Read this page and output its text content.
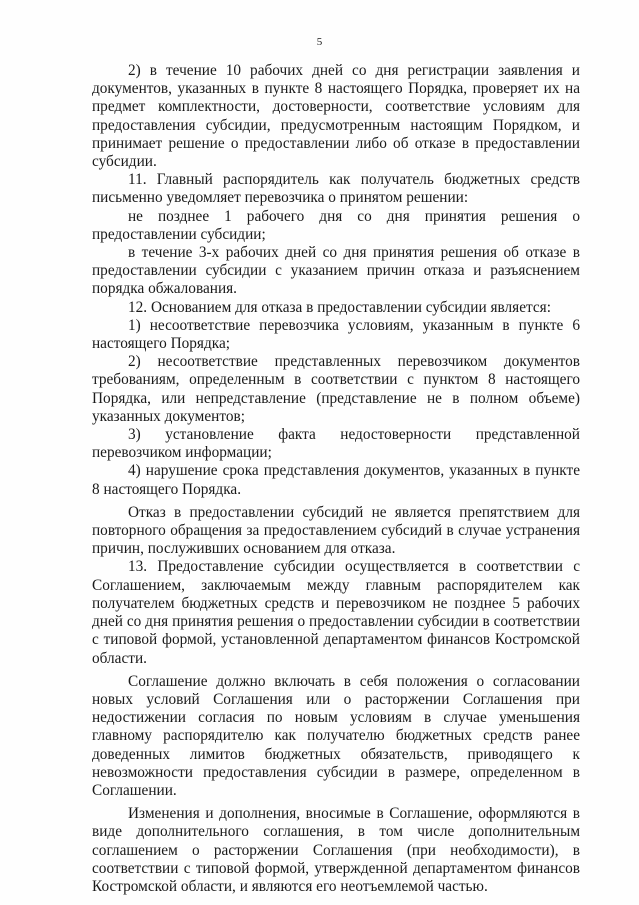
5

2) в течение 10 рабочих дней со дня регистрации заявления и документов, указанных в пункте 8 настоящего Порядка, проверяет их на предмет комплектности, достоверности, соответствие условиям для предоставления субсидии, предусмотренным настоящим Порядком, и принимает решение о предоставлении либо об отказе в предоставлении субсидии.

11. Главный распорядитель как получатель бюджетных средств письменно уведомляет перевозчика о принятом решении:

не позднее 1 рабочего дня со дня принятия решения о предоставлении субсидии;

в течение 3-х рабочих дней со дня принятия решения об отказе в предоставлении субсидии с указанием причин отказа и разъяснением порядка обжалования.

12. Основанием для отказа в предоставлении субсидии является:

1) несоответствие перевозчика условиям, указанным в пункте 6 настоящего Порядка;

2) несоответствие представленных перевозчиком документов требованиям, определенным в соответствии с пунктом 8 настоящего Порядка, или непредставление (представление не в полном объеме) указанных документов;

3) установление факта недостоверности представленной перевозчиком информации;

4) нарушение срока представления документов, указанных в пункте 8 настоящего Порядка.

Отказ в предоставлении субсидий не является препятствием для повторного обращения за предоставлением субсидий в случае устранения причин, послуживших основанием для отказа.

13. Предоставление субсидии осуществляется в соответствии с Соглашением, заключаемым между главным распорядителем как получателем бюджетных средств и перевозчиком не позднее 5 рабочих дней со дня принятия решения о предоставлении субсидии в соответствии с типовой формой, установленной департаментом финансов Костромской области.

Соглашение должно включать в себя положения о согласовании новых условий Соглашения или о расторжении Соглашения при недостижении согласия по новым условиям в случае уменьшения главному распорядителю как получателю бюджетных средств ранее доведенных лимитов бюджетных обязательств, приводящего к невозможности предоставления субсидии в размере, определенном в Соглашении.

Изменения и дополнения, вносимые в Соглашение, оформляются в виде дополнительного соглашения, в том числе дополнительным соглашением о расторжении Соглашения (при необходимости), в соответствии с типовой формой, утвержденной департаментом финансов Костромской области, и являются его неотъемлемой частью.
